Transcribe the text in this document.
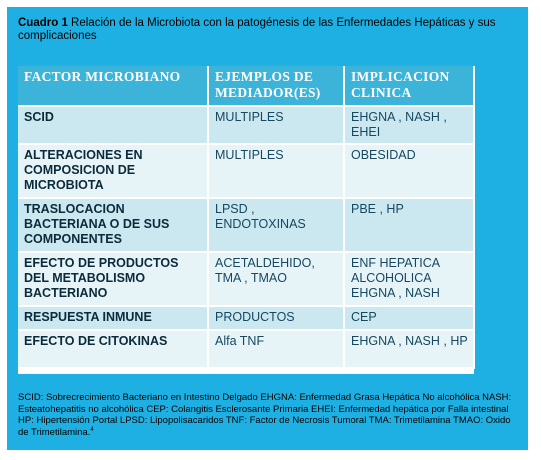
Cuadro 1 Relación de la Microbiota con la patogénesis de las Enfermedades Hepáticas y sus complicaciones
FACTOR MICROBIANO	EJEMPLOS DE MEDIADOR(ES)	IMPLICACION CLINICA
SCID	MULTIPLES	EHGNA , NASH , EHEI
ALTERACIONES EN COMPOSICION DE MICROBIOTA	MULTIPLES	OBESIDAD
TRASLOCACION BACTERIANA O DE SUS COMPONENTES	LPSD , ENDOTOXINAS	PBE , HP
EFECTO DE PRODUCTOS DEL METABOLISMO BACTERIANO	ACETALDEHIDO, TMA , TMAO	ENF HEPATICA ALCOHOLICA EHGNA , NASH
RESPUESTA INMUNE	PRODUCTOS	CEP
EFECTO DE CITOKINAS	Alfa TNF	EHGNA , NASH , HP
SCID: Sobrecrecimiento Bacteriano en Intestino Delgado EHGNA: Enfermedad Grasa Hepática No alcohólica NASH: Esteatohepatitis no alcohólica CEP: Colangitis Esclerosante Primaria EHEI: Enfermedad hepática por Falla intestinal HP: Hipertensión Portal LPSD: Lipopolisacaridos TNF: Factor de Necrosis Tumoral TMA: Trimetilamina TMAO: Oxido de Trimetilamina.$^4$
